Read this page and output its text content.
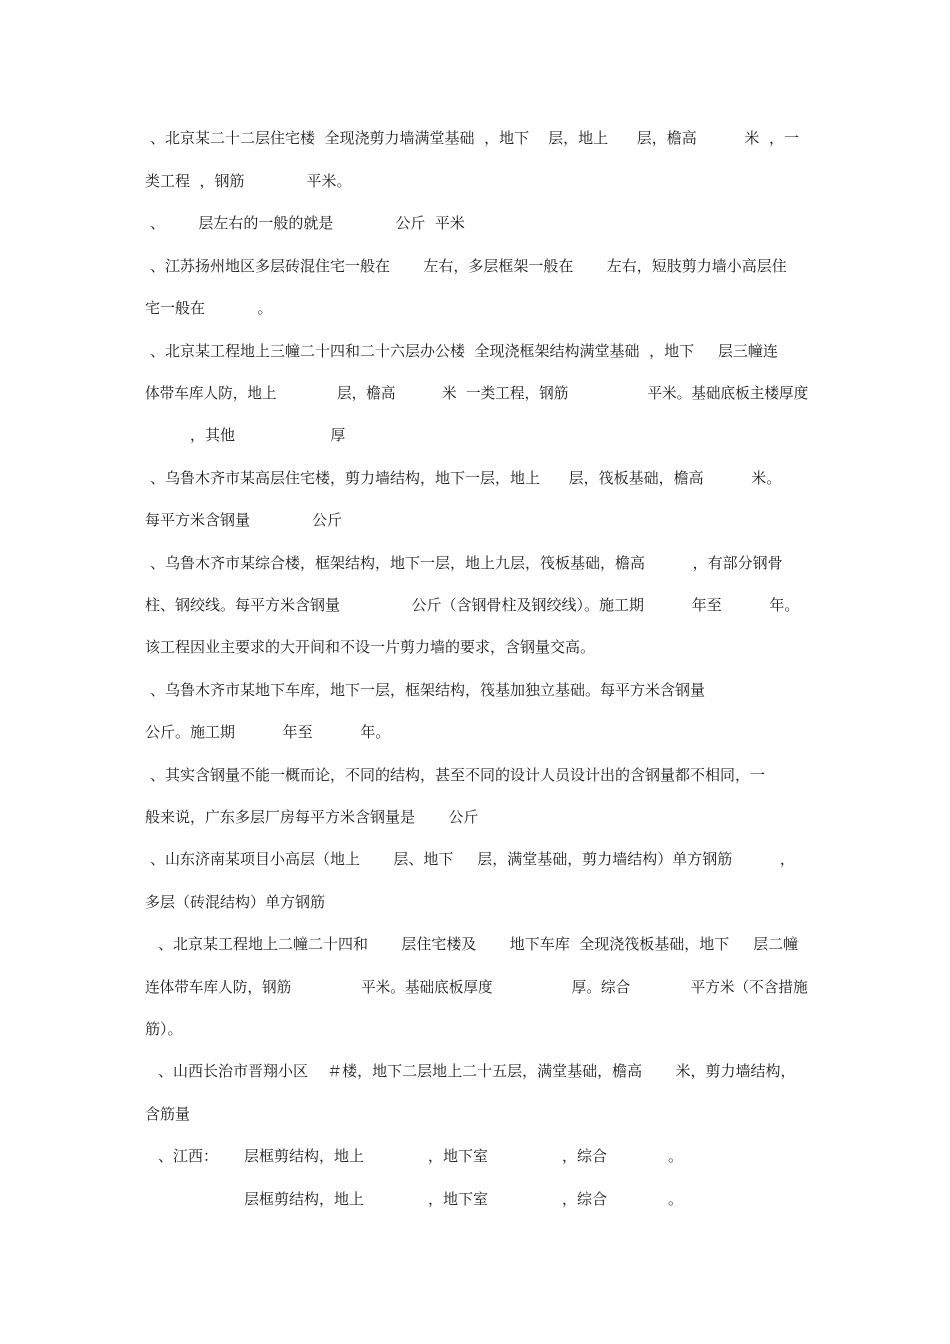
、北京某二十二层住宅楼  全现浇剪力墙满堂基础  ，地下    层，地上      层，檐高          米  ，一

类工程  ，钢筋             平米。

、       层左右的一般的就是             公斤  平米

、江苏扬州地区多层砖混住宅一般在       左右，多层框架一般在       左右，短肢剪力墙小高层住

宅一般在           。

、北京某工程地上三幢二十四和二十六层办公楼  全现浇框架结构满堂基础  ，地下     层三幢连

体带车库人防，地上             层，檐高          米  一类工程，钢筋                 平米。基础底板主楼厚度

，其他                    厚

、乌鲁木齐市某高层住宅楼，剪力墙结构，地下一层，地上      层，筏板基础，檐高          米。

每平方米含钢量             公斤

、乌鲁木齐市某综合楼，框架结构，地下一层，地上九层，筏板基础，檐高          ，有部分钢骨

柱、钢绞线。每平方米含钢量               公斤（含钢骨柱及钢绞线）。施工期          年至          年。

该工程因业主要求的大开间和不设一片剪力墙的要求，含钢量交高。

、乌鲁木齐市某地下车库，地下一层，框架结构，筏基加独立基础。每平方米含钢量

公斤。施工期          年至          年。

、其实含钢量不能一概而论，不同的结构，甚至不同的设计人员设计出的含钢量都不相同，一

般来说，广东多层厂房每平方米含钢量是       公斤

、山东济南某项目小高层（地上       层、地下     层，满堂基础，剪力墙结构）单方钢筋          ，

多层（砖混结构）单方钢筋

、北京某工程地上二幢二十四和       层住宅楼及       地下车库  全现浇筏板基础，地下     层二幢

连体带车库人防，钢筋               平米。基础底板厚度                 厚。综合             平方米（不含措施

筋）。

、山西长治市晋翔小区    ＃楼，地下二层地上二十五层，满堂基础，檐高       米，剪力墙结构，

含筋量

、江西： 层框剪结构，地上	，地下室	，综合	。

层框剪结构，地上	，地下室	，综合	。
